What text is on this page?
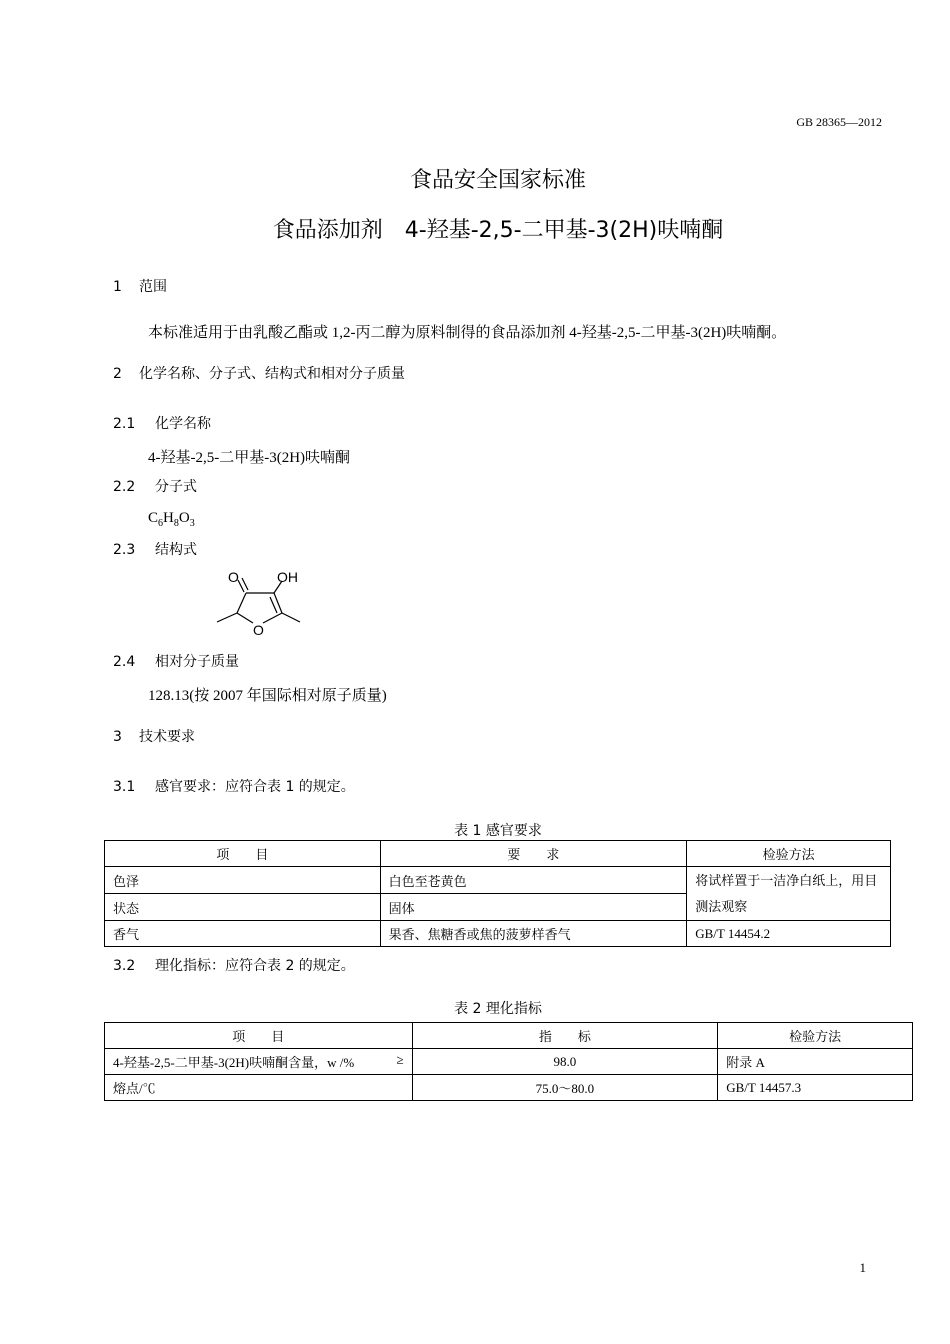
GB 28365—2012
食品安全国家标准
食品添加剂　4-羟基-2,5-二甲基-3(2H)呋喃酮
1 范围
本标准适用于由乳酸乙酯或 1,2-丙二醇为原料制得的食品添加剂 4-羟基-2,5-二甲基-3(2H)呋喃酮。
2 化学名称、分子式、结构式和相对分子质量
2.1 化学名称
4-羟基-2,5-二甲基-3(2H)呋喃酮
2.2 分子式
$C_6H_8O_3$
2.3 结构式
O	OH
O
2.4 相对分子质量
128.13(按 2007 年国际相对原子质量)
3 技术要求
3.1 感官要求：应符合表 1 的规定。
表 1 感官要求
项　　目	要　　求	检验方法
色泽	白色至苍黄色	将试样置于一洁净白纸上，用目测法观察
状态	固体	
香气	果香、焦糖香或焦的菠萝样香气	GB/T 14454.2
3.2 理化指标：应符合表 2 的规定。
表 2 理化指标
项　　目	指　　标	检验方法
4-羟基-2,5-二甲基-3(2H)呋喃酮含量，w /% ≥	98.0	附录 A
熔点/℃	75.0～80.0	GB/T 14457.3
1
